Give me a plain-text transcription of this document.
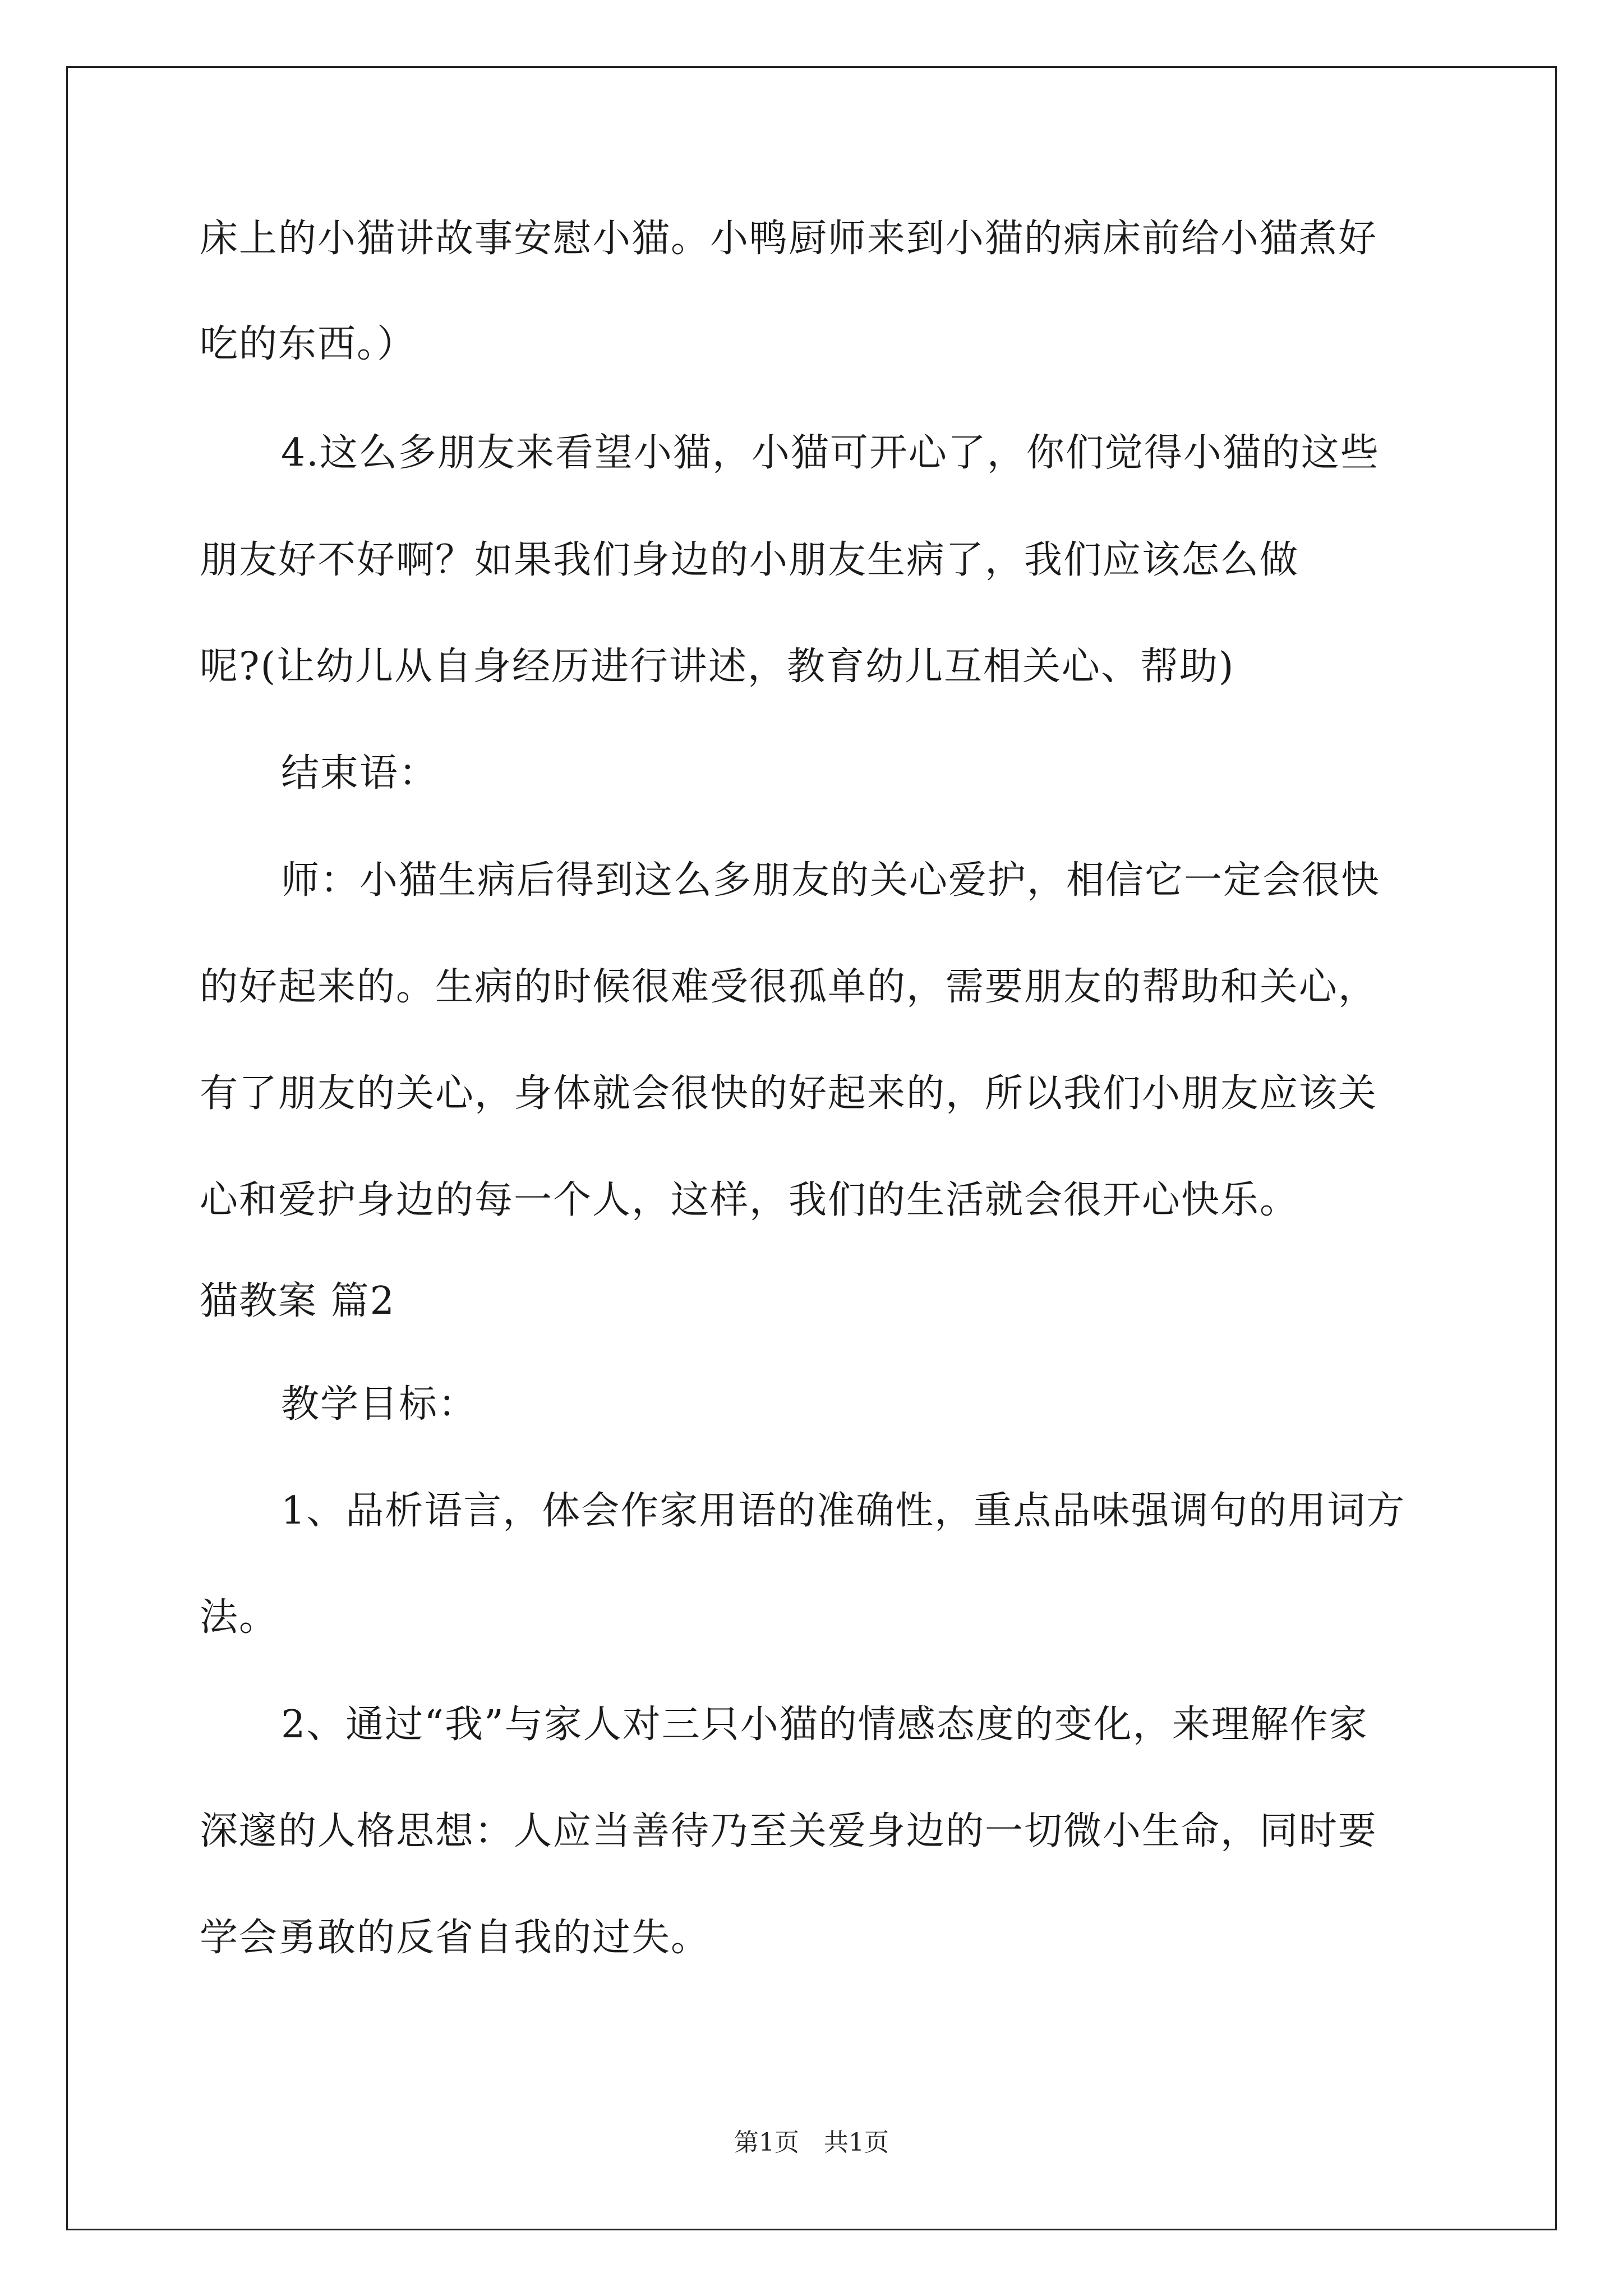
床上的小猫讲故事安慰小猫。小鸭厨师来到小猫的病床前给小猫煮好
吃的东西。）
4.这么多朋友来看望小猫，小猫可开心了，你们觉得小猫的这些
朋友好不好啊？如果我们身边的小朋友生病了，我们应该怎么做
呢?(让幼儿从自身经历进行讲述，教育幼儿互相关心、帮助)
结束语：
师：小猫生病后得到这么多朋友的关心爱护，相信它一定会很快
的好起来的。生病的时候很难受很孤单的，需要朋友的帮助和关心，
有了朋友的关心，身体就会很快的好起来的，所以我们小朋友应该关
心和爱护身边的每一个人，这样，我们的生活就会很开心快乐。
猫教案 篇2
教学目标：
1、品析语言，体会作家用语的准确性，重点品味强调句的用词方
法。
2、通过“我”与家人对三只小猫的情感态度的变化，来理解作家
深邃的人格思想：人应当善待乃至关爱身边的一切微小生命，同时要
学会勇敢的反省自我的过失。
第1页　共1页
